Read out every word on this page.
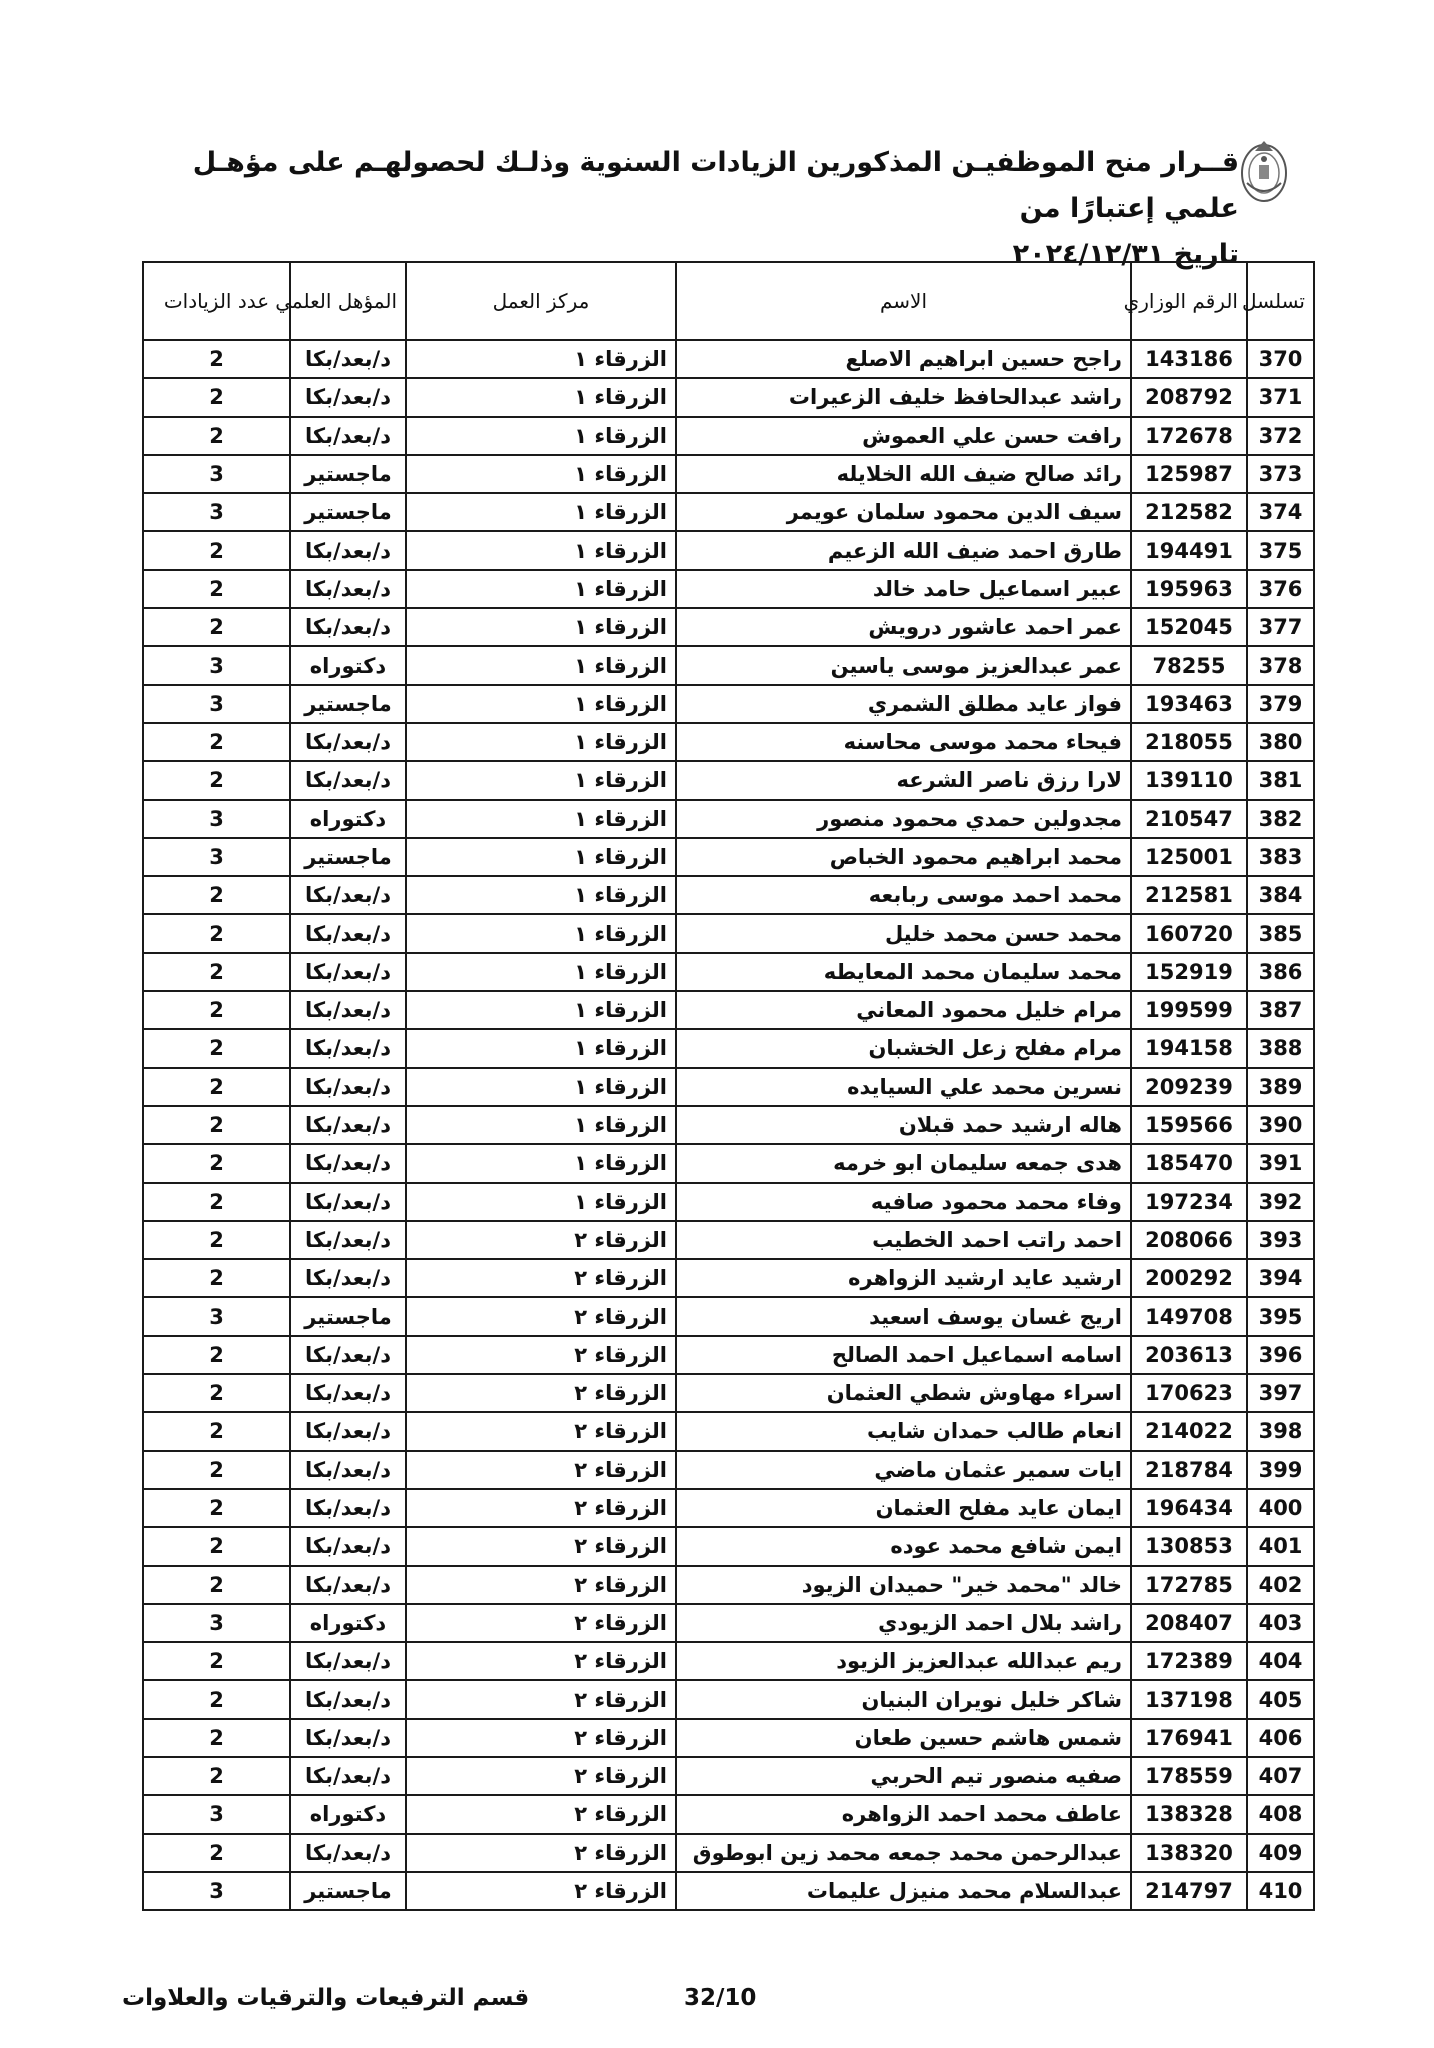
قــرار منح الموظفيـن المذكورين الزيادات السنوية وذلـك لحصولهـم على مؤهـل علمي إعتبارًا من
تاريخ ٢٠٢٤/١٢/٣١
تسلسل	الرقم الوزاري	الاسم	مركز العمل	المؤهل العلمي	عدد الزيادات
370	143186	راجح حسين ابراهيم الاصلع	الزرقاء ١	د/بعد/بكا	2
371	208792	راشد عبدالحافظ خليف الزعيرات	الزرقاء ١	د/بعد/بكا	2
372	172678	رافت حسن علي العموش	الزرقاء ١	د/بعد/بكا	2
373	125987	رائد صالح ضيف الله الخلايله	الزرقاء ١	ماجستير	3
374	212582	سيف الدين محمود سلمان عويمر	الزرقاء ١	ماجستير	3
375	194491	طارق احمد ضيف الله الزعيم	الزرقاء ١	د/بعد/بكا	2
376	195963	عبير اسماعيل حامد خالد	الزرقاء ١	د/بعد/بكا	2
377	152045	عمر احمد عاشور درويش	الزرقاء ١	د/بعد/بكا	2
378	78255	عمر عبدالعزيز موسى ياسين	الزرقاء ١	دكتوراه	3
379	193463	فواز عايد مطلق الشمري	الزرقاء ١	ماجستير	3
380	218055	فيحاء محمد موسى محاسنه	الزرقاء ١	د/بعد/بكا	2
381	139110	لارا رزق ناصر الشرعه	الزرقاء ١	د/بعد/بكا	2
382	210547	مجدولين حمدي محمود منصور	الزرقاء ١	دكتوراه	3
383	125001	محمد ابراهيم محمود الخباص	الزرقاء ١	ماجستير	3
384	212581	محمد احمد موسى ربابعه	الزرقاء ١	د/بعد/بكا	2
385	160720	محمد حسن محمد خليل	الزرقاء ١	د/بعد/بكا	2
386	152919	محمد سليمان محمد المعايطه	الزرقاء ١	د/بعد/بكا	2
387	199599	مرام خليل محمود المعاني	الزرقاء ١	د/بعد/بكا	2
388	194158	مرام مفلح زعل الخشبان	الزرقاء ١	د/بعد/بكا	2
389	209239	نسرين محمد علي السيايده	الزرقاء ١	د/بعد/بكا	2
390	159566	هاله ارشيد حمد قبلان	الزرقاء ١	د/بعد/بكا	2
391	185470	هدى جمعه سليمان ابو خرمه	الزرقاء ١	د/بعد/بكا	2
392	197234	وفاء محمد محمود صافيه	الزرقاء ١	د/بعد/بكا	2
393	208066	احمد راتب احمد الخطيب	الزرقاء ٢	د/بعد/بكا	2
394	200292	ارشيد عايد ارشيد الزواهره	الزرقاء ٢	د/بعد/بكا	2
395	149708	اريج غسان يوسف اسعيد	الزرقاء ٢	ماجستير	3
396	203613	اسامه اسماعيل احمد الصالح	الزرقاء ٢	د/بعد/بكا	2
397	170623	اسراء مهاوش شطي العثمان	الزرقاء ٢	د/بعد/بكا	2
398	214022	انعام طالب حمدان شايب	الزرقاء ٢	د/بعد/بكا	2
399	218784	ايات سمير عثمان ماضي	الزرقاء ٢	د/بعد/بكا	2
400	196434	ايمان عايد مفلح العثمان	الزرقاء ٢	د/بعد/بكا	2
401	130853	ايمن شافع محمد عوده	الزرقاء ٢	د/بعد/بكا	2
402	172785	خالد "محمد خير" حميدان الزيود	الزرقاء ٢	د/بعد/بكا	2
403	208407	راشد بلال احمد الزيودي	الزرقاء ٢	دكتوراه	3
404	172389	ريم عبدالله عبدالعزيز الزيود	الزرقاء ٢	د/بعد/بكا	2
405	137198	شاكر خليل نويران البنيان	الزرقاء ٢	د/بعد/بكا	2
406	176941	شمس هاشم حسين طعان	الزرقاء ٢	د/بعد/بكا	2
407	178559	صفيه منصور تيم الحربي	الزرقاء ٢	د/بعد/بكا	2
408	138328	عاطف محمد احمد الزواهره	الزرقاء ٢	دكتوراه	3
409	138320	عبدالرحمن محمد جمعه محمد زين ابوطوق	الزرقاء ٢	د/بعد/بكا	2
410	214797	عبدالسلام محمد منيزل عليمات	الزرقاء ٢	ماجستير	3
32/10
قسم الترفيعات والترقيات والعلاوات
